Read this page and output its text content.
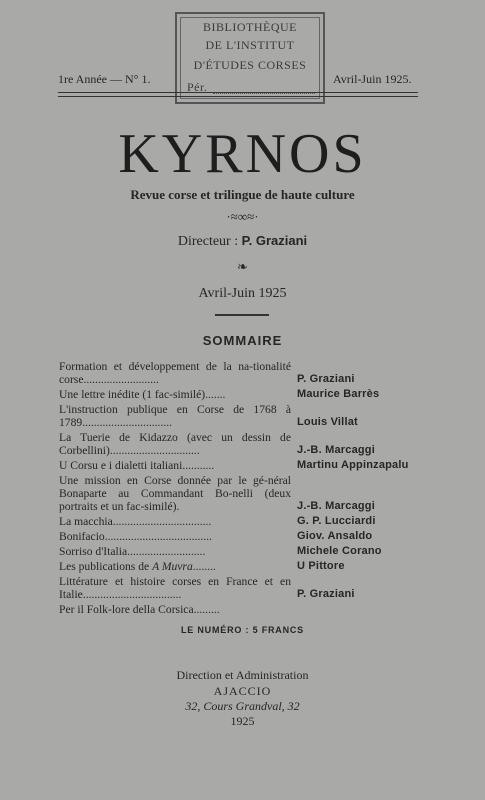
BIBLIOTHÈQUE
DE L'INSTITUT
D'ÉTUDES CORSES
Pér.
1re Année — N° 1.	Avril-Juin 1925.
KYRNOS
Revue corse et trilingue de haute culture
·≈∞≈·
Directeur : P. Graziani
❧
Avril-Juin 1925
SOMMAIRE
Formation et développement de la na-tionalité corse..........................	P. Graziani
Une lettre inédite (1 fac-similé).......	Maurice Barrès
L'instruction publique en Corse de 1768 à 1789...............................	Louis Villat
La Tuerie de Kidazzo (avec un dessin de Corbellini)...............................	J.-B. Marcaggi
U Corsu e i dialetti italiani...........	Martinu Appinzapalu
Une mission en Corse donnée par le gé-néral Bonaparte au Commandant Bo-nelli (deux portraits et un fac-similé).	J.-B. Marcaggi
La macchia..................................	G. P. Lucciardi
Bonifacio.....................................	Giov. Ansaldo
Sorriso d'Italia...........................	Michele Corano
Les publications de A Muvra........	U Pittore
Littérature et histoire corses en France et en Italie..................................	P. Graziani
Per il Folk-lore della Corsica.........
LE NUMÉRO : 5 FRANCS
Direction et Administration
AJACCIO
32, Cours Grandval, 32
1925
